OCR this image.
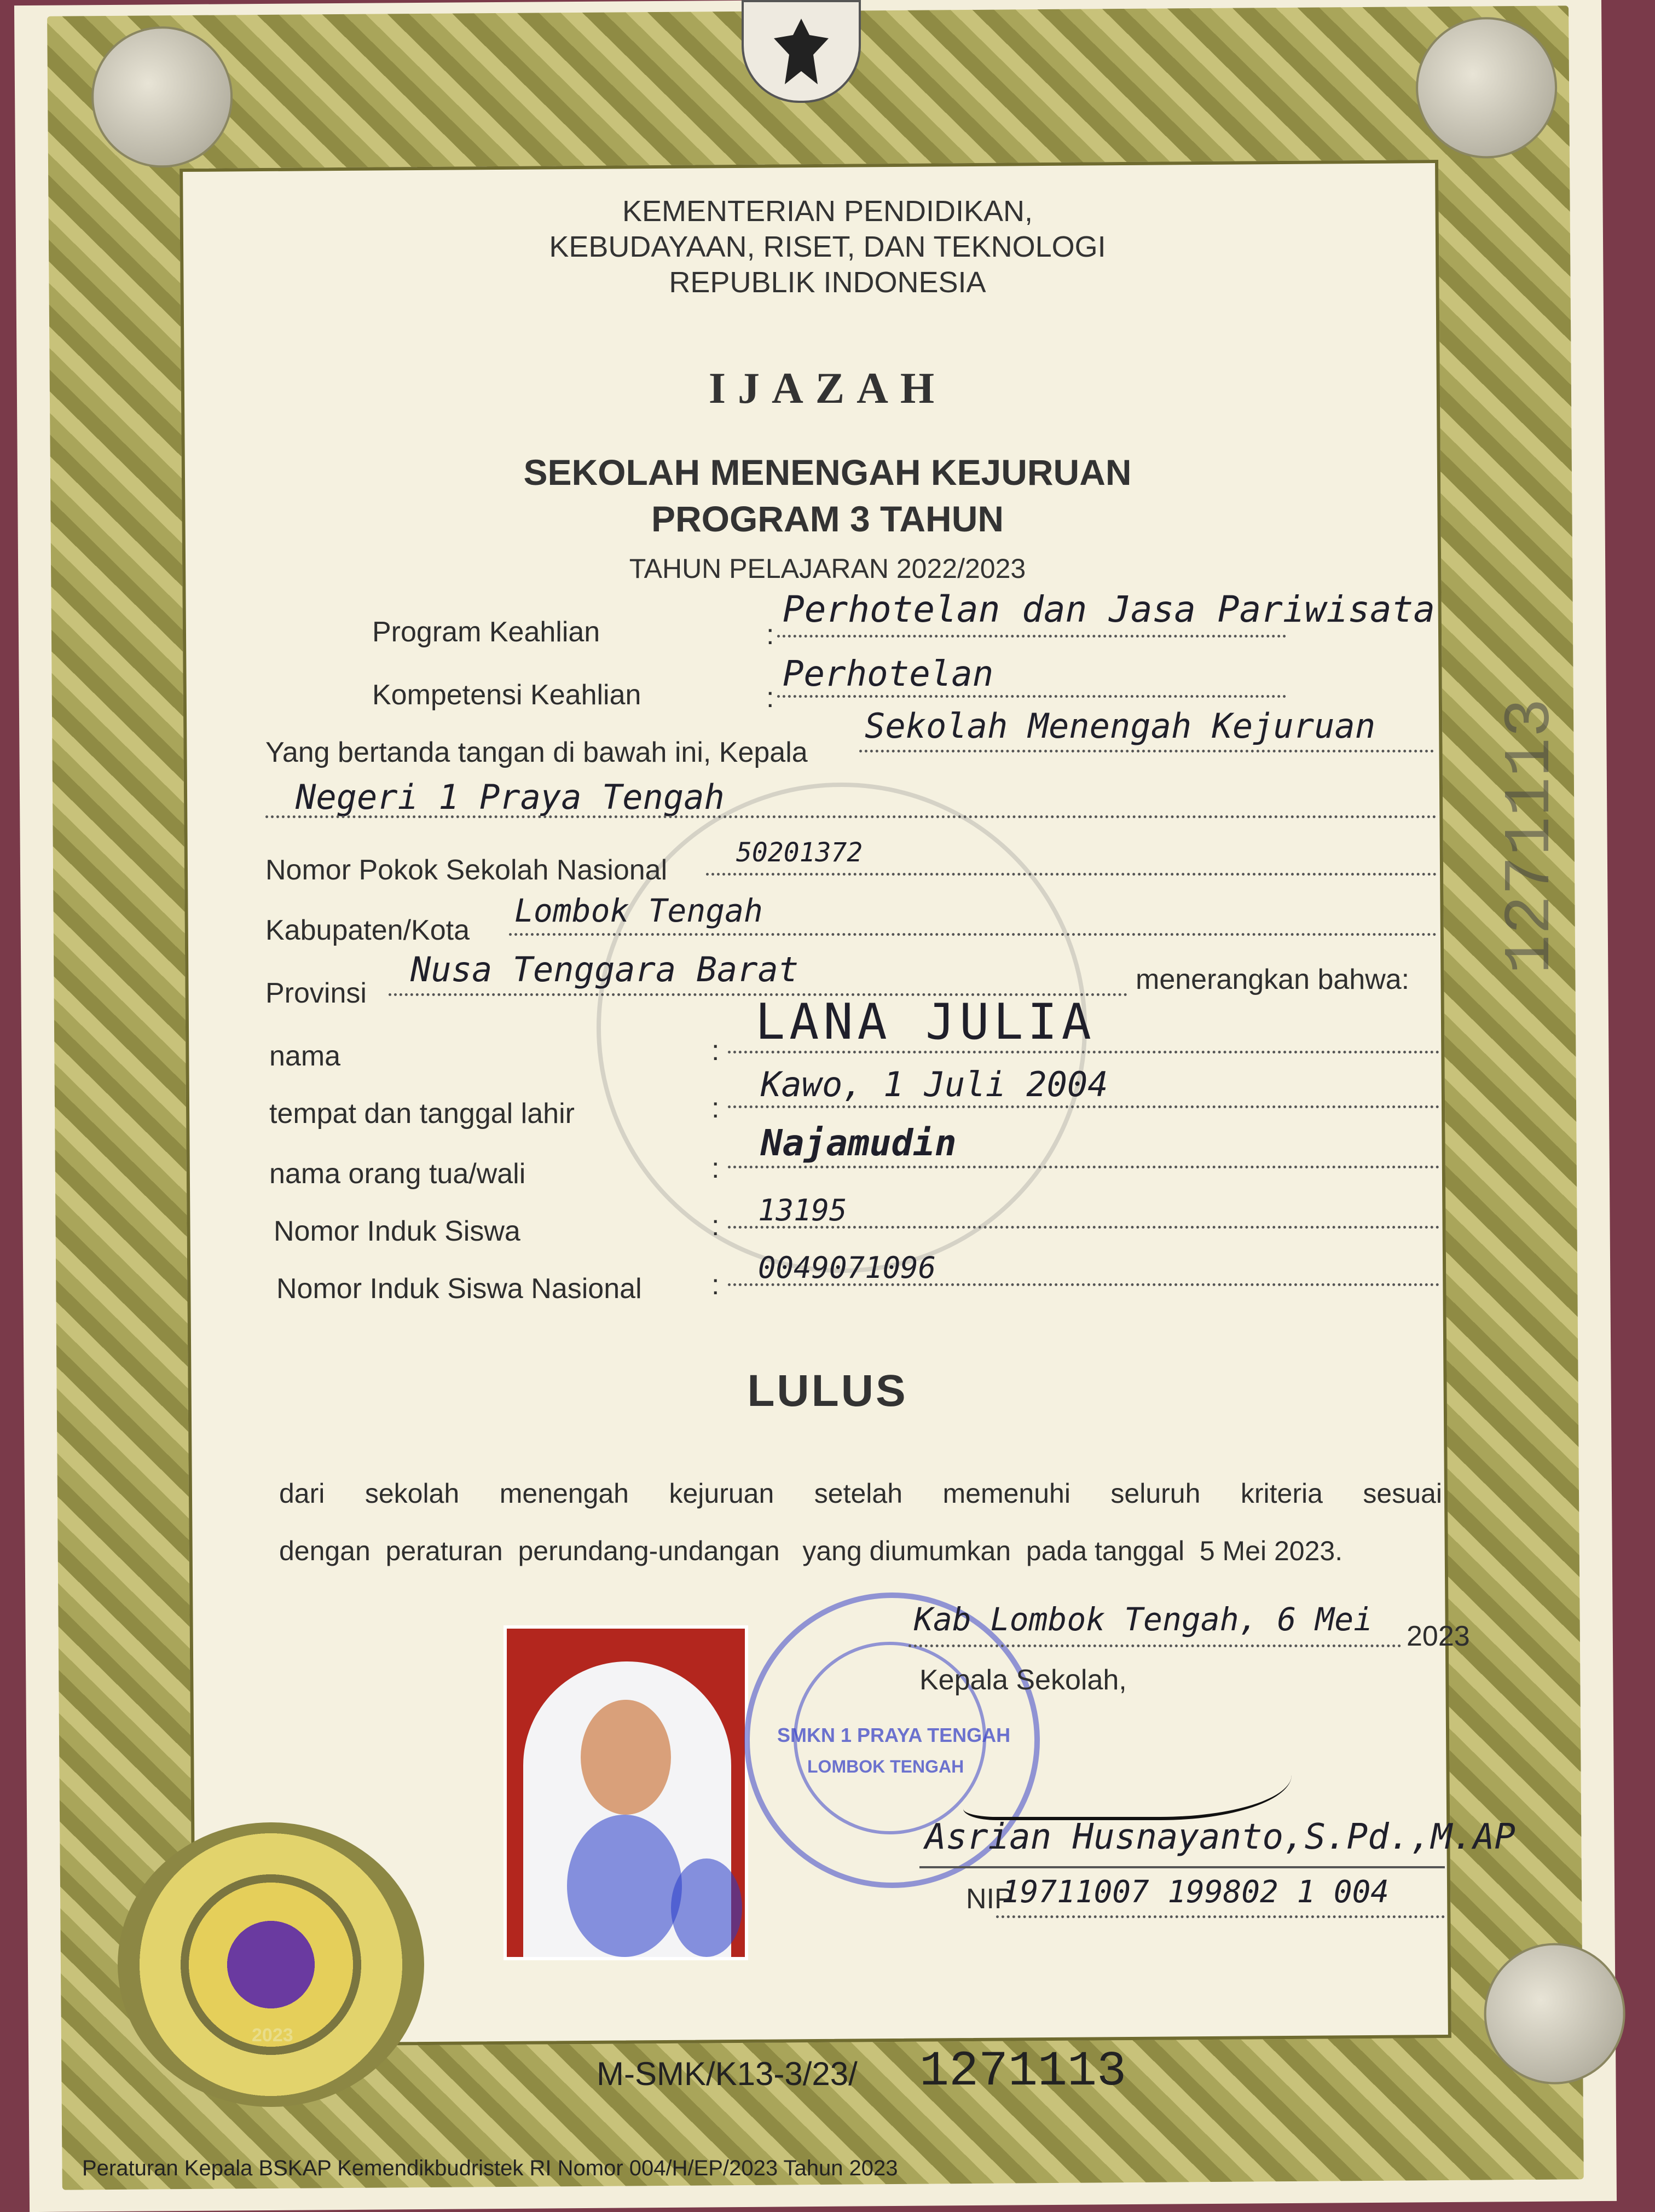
KEMENTERIAN PENDIDIKAN,
KEBUDAYAAN, RISET, DAN TEKNOLOGI
REPUBLIK INDONESIA
IJAZAH
SEKOLAH MENENGAH KEJURUAN
PROGRAM 3 TAHUN
TAHUN PELAJARAN 2022/2023
Program Keahlian	:
Perhotelan dan Jasa Pariwisata
Kompetensi Keahlian	:
Perhotelan
Yang bertanda tangan di bawah ini, Kepala
Sekolah Menengah Kejuruan
Negeri 1 Praya Tengah
Nomor Pokok Sekolah Nasional
50201372
Kabupaten/Kota
Lombok Tengah
Provinsi
Nusa Tenggara Barat	menerangkan bahwa:
nama	: LANA JULIA
tempat dan tanggal lahir	:
Kawo, 1 Juli 2004
nama orang tua/wali	:
Najamudin
Nomor Induk Siswa	: 13195
Nomor Induk Siswa Nasional : 0049071096
LULUS
dari sekolah menengah kejuruan setelah memenuhi seluruh kriteria sesuai
dengan  peraturan  perundang-undangan   yang diumumkan  pada tanggal  5 Mei 2023.
SMKN 1 PRAYA TENGAH
LOMBOK TENGAH
Kab Lombok Tengah, 6 Mei 2023
Kepala Sekolah,
Asrian Husnayanto,S.Pd.,M.AP
NIP
19711007 199802 1 004
2023
M-SMK/K13-3/23/ 1271113
1271113
Peraturan Kepala BSKAP Kemendikbudristek RI Nomor 004/H/EP/2023 Tahun 2023
